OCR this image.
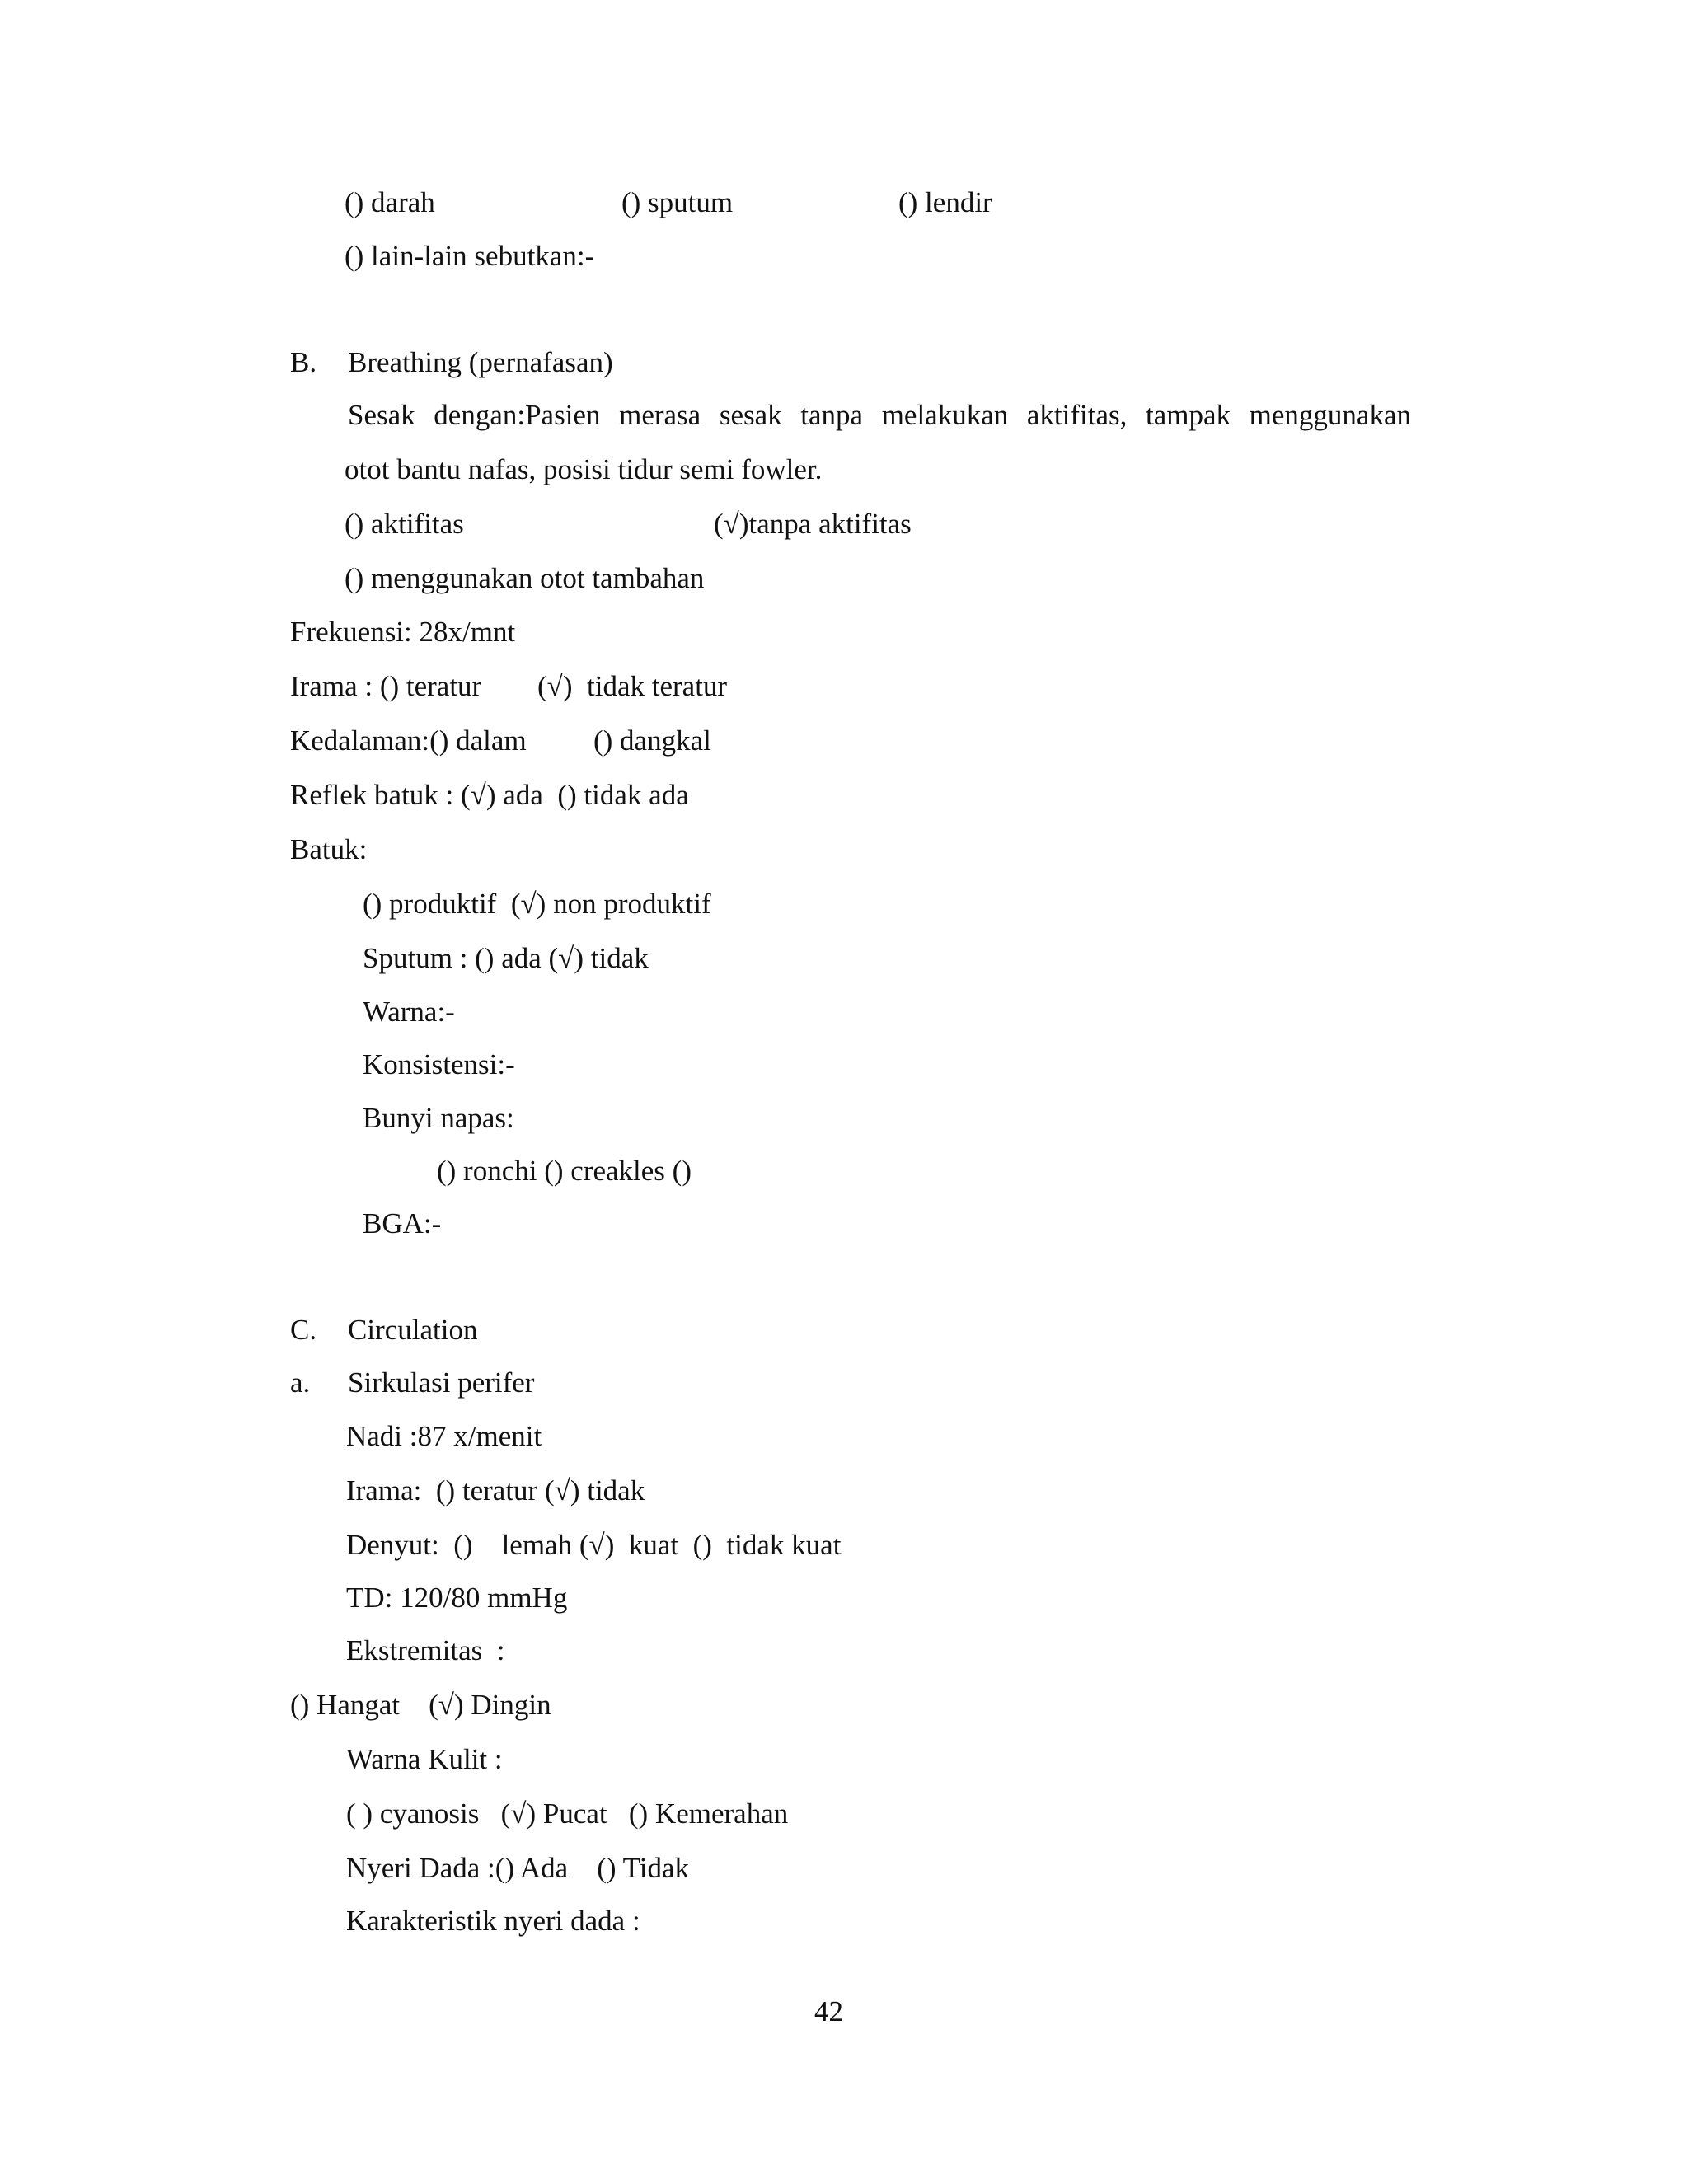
() darah	() sputum	() lendir
() lain-lain sebutkan:-
B. Breathing (pernafasan)
Sesak dengan:Pasien merasa sesak tanpa melakukan aktifitas, tampak menggunakan
otot bantu nafas, posisi tidur semi fowler.
() aktifitas	(√)tanpa aktifitas
() menggunakan otot tambahan
Frekuensi: 28x/mnt
Irama : () teratur (√)  tidak teratur
Kedalaman:() dalam () dangkal
Reflek batuk : (√) ada  () tidak ada
Batuk:
() produktif  (√) non produktif
Sputum : () ada (√) tidak
Warna:-
Konsistensi:-
Bunyi napas:
() ronchi () creakles ()
BGA:-
C. Circulation
a. Sirkulasi perifer
Nadi :87 x/menit
Irama:  () teratur (√) tidak
Denyut:  ()    lemah (√)  kuat  ()  tidak kuat
TD: 120/80 mmHg
Ekstremitas  :
() Hangat    (√) Dingin
Warna Kulit :
( ) cyanosis   (√) Pucat   () Kemerahan
Nyeri Dada :() Ada    () Tidak
Karakteristik nyeri dada :
42
